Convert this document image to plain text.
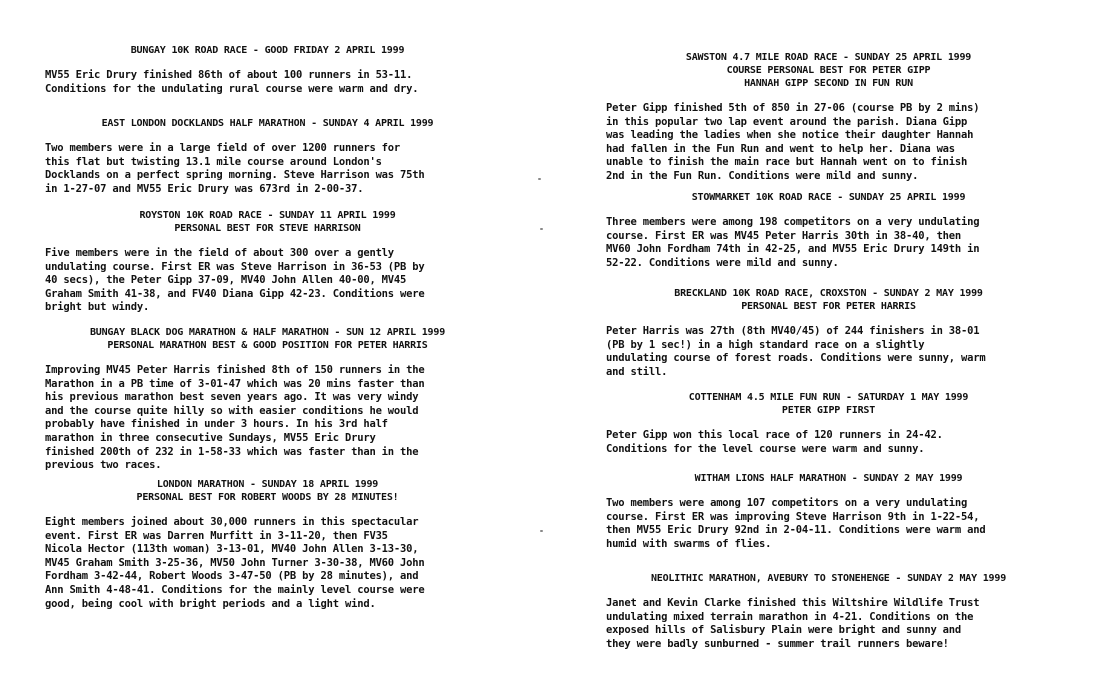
BUNGAY 10K ROAD RACE - GOOD FRIDAY 2 APRIL 1999
MV55 Eric Drury finished 86th of about 100 runners in 53-11.
Conditions for the undulating rural course were warm and dry.
EAST LONDON DOCKLANDS HALF MARATHON - SUNDAY 4 APRIL 1999
Two members were in a large field of over 1200 runners for
this flat but twisting 13.1 mile course around London's
Docklands on a perfect spring morning. Steve Harrison was 75th
in 1-27-07 and MV55 Eric Drury was 673rd in 2-00-37.
ROYSTON 10K ROAD RACE - SUNDAY 11 APRIL 1999
PERSONAL BEST FOR STEVE HARRISON
Five members were in the field of about 300 over a gently
undulating course. First ER was Steve Harrison in 36-53 (PB by
40 secs), the Peter Gipp 37-09, MV40 John Allen 40-00, MV45
Graham Smith 41-38, and FV40 Diana Gipp 42-23. Conditions were
bright but windy.
BUNGAY BLACK DOG MARATHON & HALF MARATHON - SUN 12 APRIL 1999
PERSONAL MARATHON BEST & GOOD POSITION FOR PETER HARRIS
Improving MV45 Peter Harris finished 8th of 150 runners in the
Marathon in a PB time of 3-01-47 which was 20 mins faster than
his previous marathon best seven years ago. It was very windy
and the course quite hilly so with easier conditions he would
probably have finished in under 3 hours. In his 3rd half
marathon in three consecutive Sundays, MV55 Eric Drury
finished 200th of 232 in 1-58-33 which was faster than in the
previous two races.
LONDON MARATHON - SUNDAY 18 APRIL 1999
PERSONAL BEST FOR ROBERT WOODS BY 28 MINUTES!
Eight members joined about 30,000 runners in this spectacular
event. First ER was Darren Murfitt in 3-11-20, then FV35
Nicola Hector (113th woman) 3-13-01, MV40 John Allen 3-13-30,
MV45 Graham Smith 3-25-36, MV50 John Turner 3-30-38, MV60 John
Fordham 3-42-44, Robert Woods 3-47-50 (PB by 28 minutes), and
Ann Smith 4-48-41. Conditions for the mainly level course were
good, being cool with bright periods and a light wind.
SAWSTON 4.7 MILE ROAD RACE - SUNDAY 25 APRIL 1999
COURSE PERSONAL BEST FOR PETER GIPP
HANNAH GIPP SECOND IN FUN RUN
Peter Gipp finished 5th of 850 in 27-06 (course PB by 2 mins)
in this popular two lap event around the parish. Diana Gipp
was leading the ladies when she notice their daughter Hannah
had fallen in the Fun Run and went to help her. Diana was
unable to finish the main race but Hannah went on to finish
2nd in the Fun Run. Conditions were mild and sunny.
STOWMARKET 10K ROAD RACE - SUNDAY 25 APRIL 1999
Three members were among 198 competitors on a very undulating
course. First ER was MV45 Peter Harris 30th in 38-40, then
MV60 John Fordham 74th in 42-25, and MV55 Eric Drury 149th in
52-22. Conditions were mild and sunny.
BRECKLAND 10K ROAD RACE, CROXSTON - SUNDAY 2 MAY 1999
PERSONAL BEST FOR PETER HARRIS
Peter Harris was 27th (8th MV40/45) of 244 finishers in 38-01
(PB by 1 sec!) in a high standard race on a slightly
undulating course of forest roads. Conditions were sunny, warm
and still.
COTTENHAM 4.5 MILE FUN RUN - SATURDAY 1 MAY 1999
PETER GIPP FIRST
Peter Gipp won this local race of 120 runners in 24-42.
Conditions for the level course were warm and sunny.
WITHAM LIONS HALF MARATHON - SUNDAY 2 MAY 1999
Two members were among 107 competitors on a very undulating
course. First ER was improving Steve Harrison 9th in 1-22-54,
then MV55 Eric Drury 92nd in 2-04-11. Conditions were warm and
humid with swarms of flies.
NEOLITHIC MARATHON, AVEBURY TO STONEHENGE - SUNDAY 2 MAY 1999
Janet and Kevin Clarke finished this Wiltshire Wildlife Trust
undulating mixed terrain marathon in 4-21. Conditions on the
exposed hills of Salisbury Plain were bright and sunny and
they were badly sunburned - summer trail runners beware!
